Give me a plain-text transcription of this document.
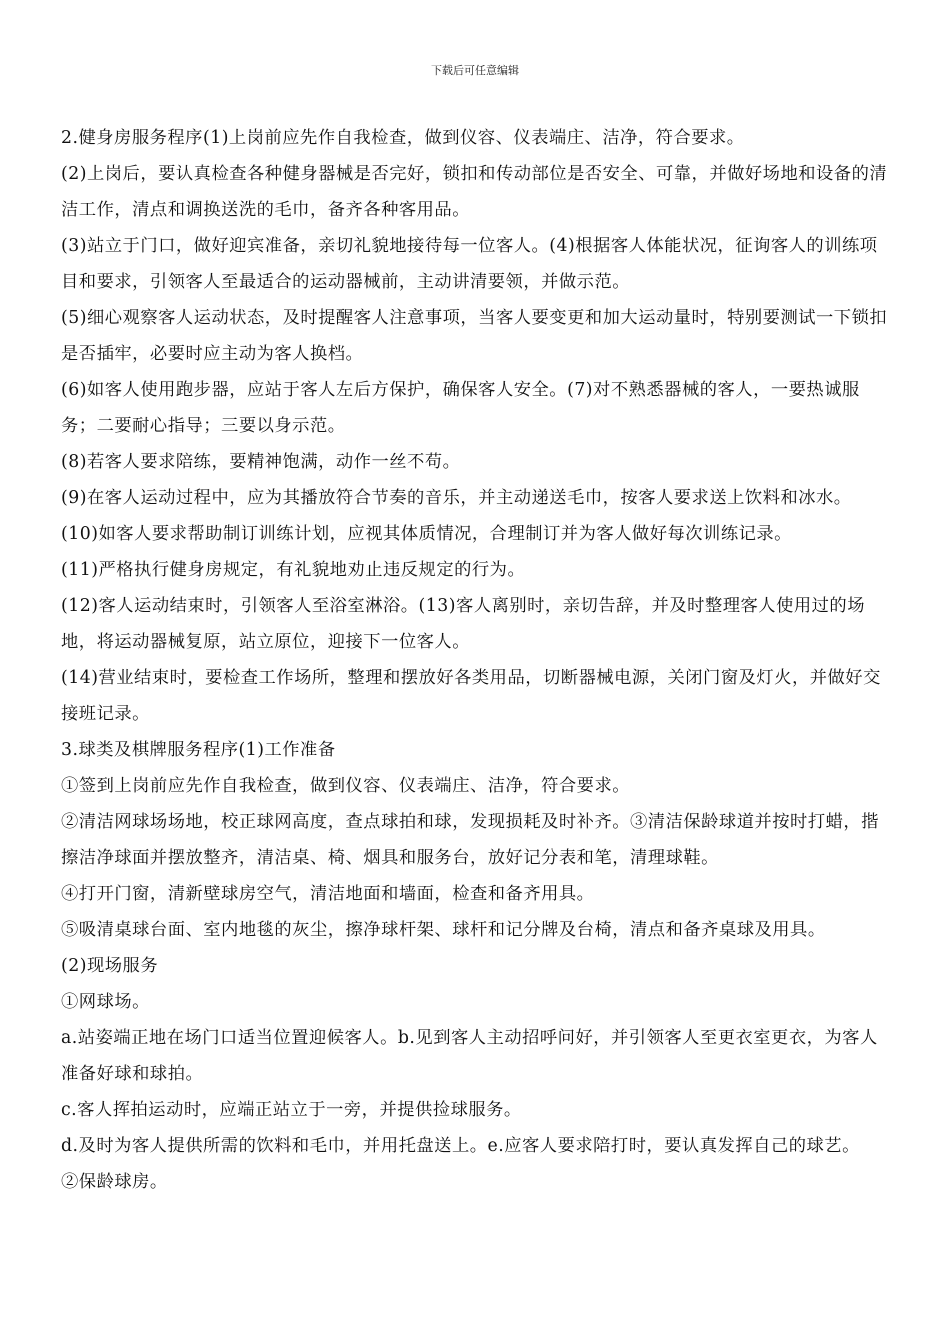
下载后可任意编辑

2.健身房服务程序(1)上岗前应先作自我检查，做到仪容、仪表端庄、洁净，符合要求。

(2)上岗后，要认真检查各种健身器械是否完好，锁扣和传动部位是否安全、可靠，并做好场地和设备的清洁工作，清点和调换送洗的毛巾，备齐各种客用品。

(3)站立于门口，做好迎宾准备，亲切礼貌地接待每一位客人。(4)根据客人体能状况，征询客人的训练项目和要求，引领客人至最适合的运动器械前，主动讲清要领，并做示范。

(5)细心观察客人运动状态，及时提醒客人注意事项，当客人要变更和加大运动量时，特别要测试一下锁扣是否插牢，必要时应主动为客人换档。

(6)如客人使用跑步器，应站于客人左后方保护，确保客人安全。(7)对不熟悉器械的客人，一要热诚服务；二要耐心指导；三要以身示范。

(8)若客人要求陪练，要精神饱满，动作一丝不苟。

(9)在客人运动过程中，应为其播放符合节奏的音乐，并主动递送毛巾，按客人要求送上饮料和冰水。(10)如客人要求帮助制订训练计划，应视其体质情况，合理制订并为客人做好每次训练记录。

(11)严格执行健身房规定，有礼貌地劝止违反规定的行为。

(12)客人运动结束时，引领客人至浴室淋浴。(13)客人离别时，亲切告辞，并及时整理客人使用过的场地，将运动器械复原，站立原位，迎接下一位客人。

(14)营业结束时，要检查工作场所，整理和摆放好各类用品，切断器械电源，关闭门窗及灯火，并做好交接班记录。

3.球类及棋牌服务程序(1)工作准备

①签到上岗前应先作自我检查，做到仪容、仪表端庄、洁净，符合要求。

②清洁网球场场地，校正球网高度，查点球拍和球，发现损耗及时补齐。③清洁保龄球道并按时打蜡，揩擦洁净球面并摆放整齐，清洁桌、椅、烟具和服务台，放好记分表和笔，清理球鞋。

④打开门窗，清新壁球房空气，清洁地面和墙面，检查和备齐用具。

⑤吸清桌球台面、室内地毯的灰尘，擦净球杆架、球杆和记分牌及台椅，清点和备齐桌球及用具。

(2)现场服务

①网球场。

a.站姿端正地在场门口适当位置迎候客人。b.见到客人主动招呼问好，并引领客人至更衣室更衣，为客人准备好球和球拍。

c.客人挥拍运动时，应端正站立于一旁，并提供捡球服务。

d.及时为客人提供所需的饮料和毛巾，并用托盘送上。e.应客人要求陪打时，要认真发挥自己的球艺。

②保龄球房。
